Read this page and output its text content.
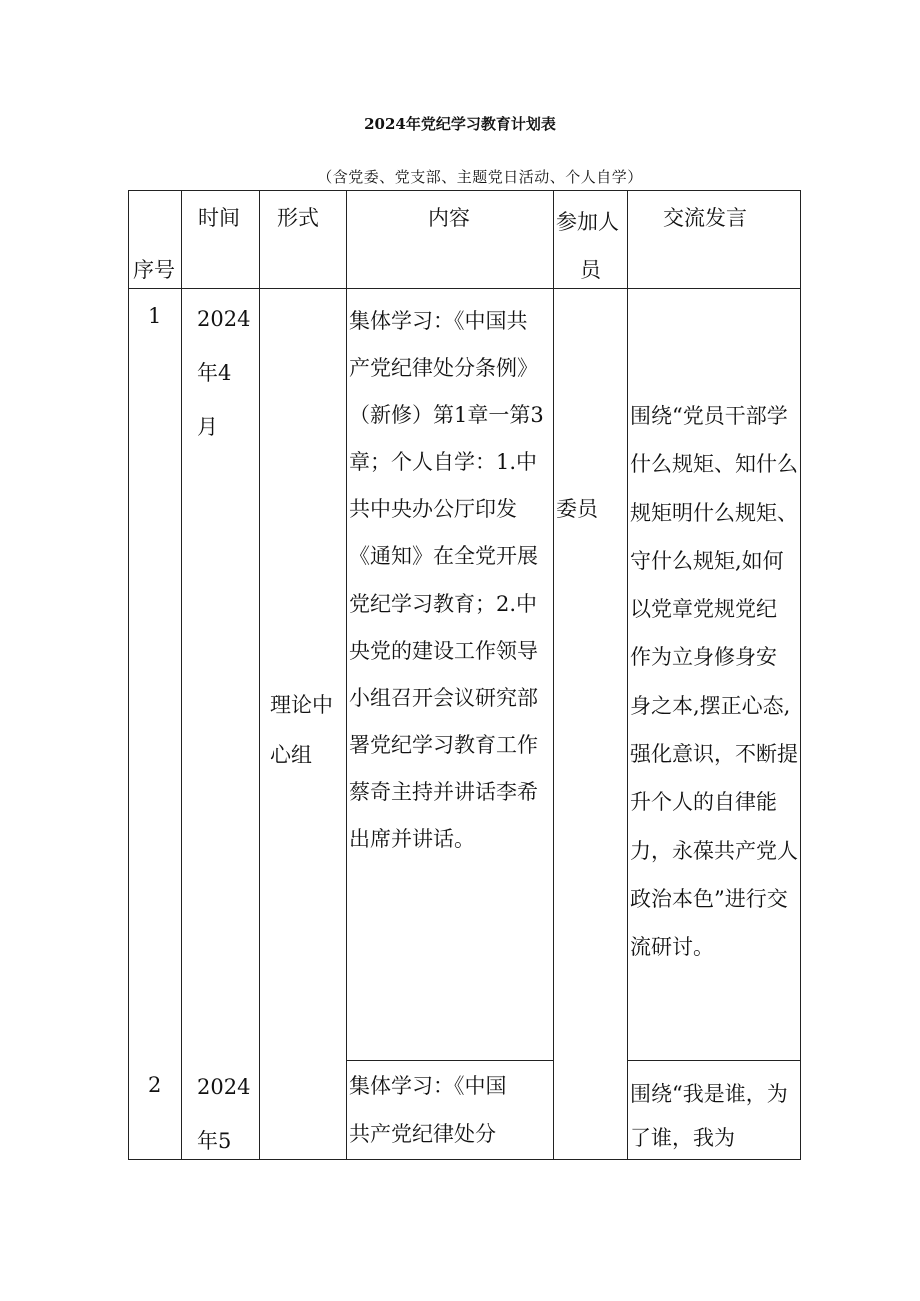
2024年党纪学习教育计划表
（含党委、党支部、主题党日活动、个人自学）
序号
时间 形式	内容	参加人
员
交流发言
1 2024
年4
月
理论中
心组
集体学习：《中国共
产党纪律处分条例》
（新修）第1章一第3
章；个人自学：1.中
共中央办公厅印发
《通知》在全党开展
党纪学习教育；2.中
央党的建设工作领导
小组召开会议研究部
署党纪学习教育工作
蔡奇主持并讲话李希
出席并讲话。
委员
围绕“党员干部学
什么规矩、知什么
规矩明什么规矩、
守什么规矩,如何
以党章党规党纪
作为立身修身安
身之本,摆正心态,
强化意识，不断提
升个人的自律能
力，永葆共产党人
政治本色”进行交
流研讨。
2 2024
年5
集体学习：《中国
共产党纪律处分
围绕“我是谁，为
了谁，我为
